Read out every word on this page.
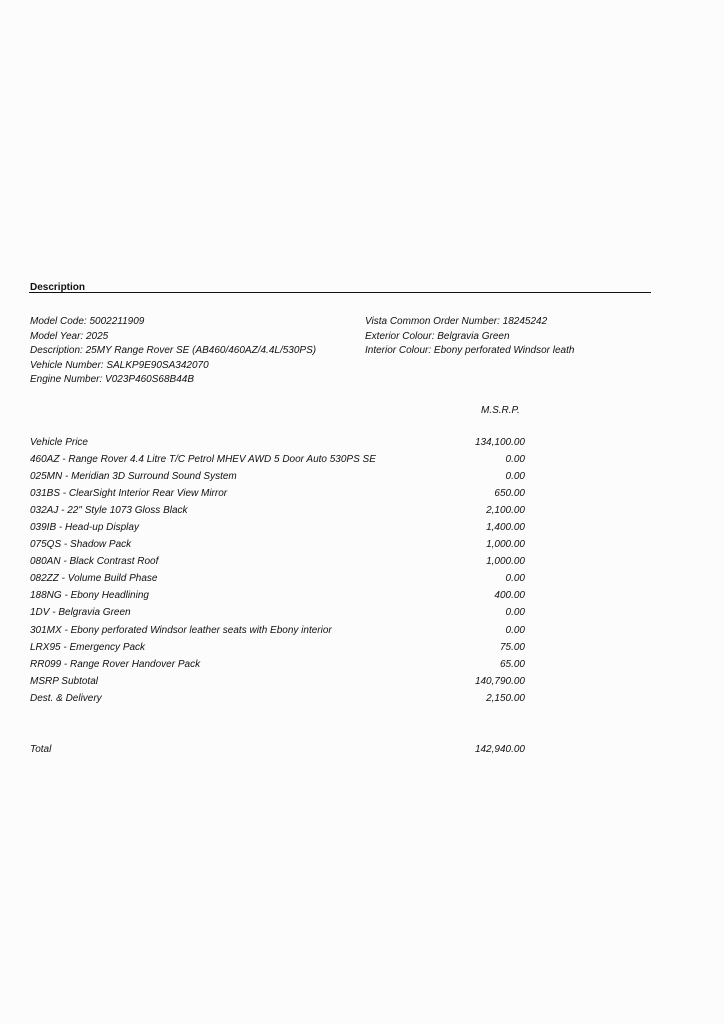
Description
Model Code: 5002211909
Model Year: 2025
Description: 25MY Range Rover SE (AB460/460AZ/4.4L/530PS)
Vehicle Number: SALKP9E90SA342070
Engine Number: V023P460S68B44B
Vista Common Order Number: 18245242
Exterior Colour: Belgravia Green
Interior Colour: Ebony perforated Windsor leath
M.S.R.P.
Vehicle Price	134,100.00
460AZ - Range Rover 4.4 Litre T/C Petrol MHEV AWD 5 Door Auto 530PS SE	0.00
025MN - Meridian 3D Surround Sound System	0.00
031BS - ClearSight Interior Rear View Mirror	650.00
032AJ - 22" Style 1073 Gloss Black	2,100.00
039IB - Head-up Display	1,400.00
075QS - Shadow Pack	1,000.00
080AN - Black Contrast Roof	1,000.00
082ZZ - Volume Build Phase	0.00
188NG - Ebony Headlining	400.00
1DV - Belgravia Green	0.00
301MX - Ebony perforated Windsor leather seats with Ebony interior	0.00
LRX95 - Emergency Pack	75.00
RR099 - Range Rover Handover Pack	65.00
MSRP Subtotal	140,790.00
Dest. & Delivery	2,150.00
Total	142,940.00
